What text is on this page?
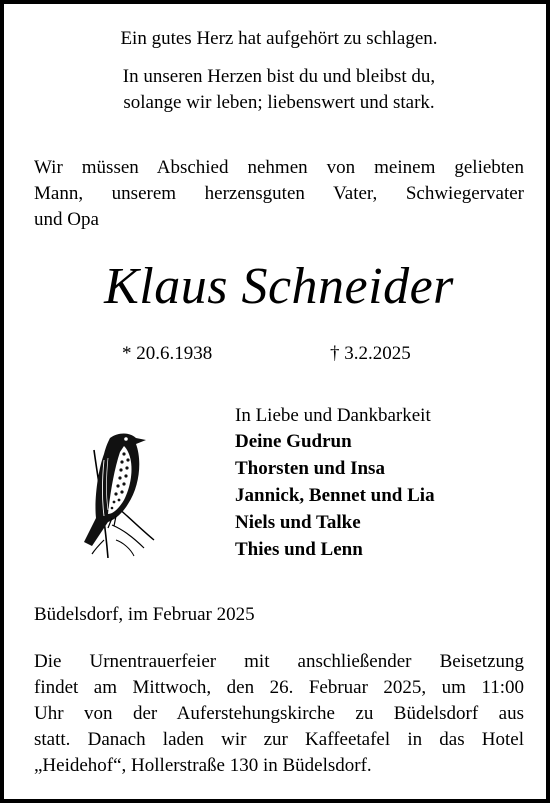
Ein gutes Herz hat aufgehört zu schlagen.
In unseren Herzen bist du und bleibst du,
solange wir leben; liebenswert und stark.
Wir müssen Abschied nehmen von meinem geliebten
Mann, unserem herzensguten Vater, Schwiegervater
und Opa
Klaus Schneider
* 20.6.1938	† 3.2.2025
In Liebe und Dankbarkeit
Deine Gudrun
Thorsten und Insa
Jannick, Bennet und Lia
Niels und Talke
Thies und Lenn
Büdelsdorf, im Februar 2025
Die Urnentrauerfeier mit anschließender Beisetzung
findet am Mittwoch, den 26. Februar 2025, um 11:00
Uhr von der Auferstehungskirche zu Büdelsdorf aus
statt. Danach laden wir zur Kaffeetafel in das Hotel
„Heidehof“, Hollerstraße 130 in Büdelsdorf.
